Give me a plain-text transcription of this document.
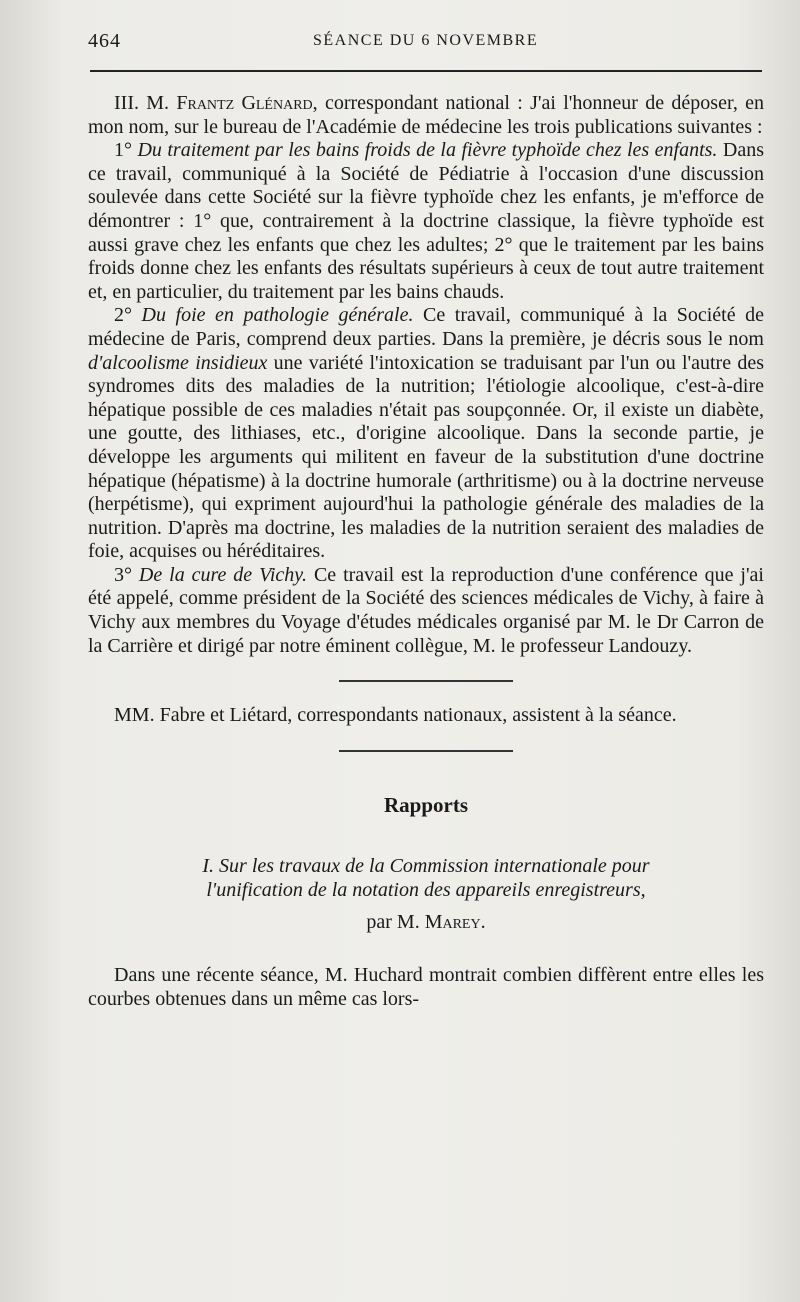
464	SÉANCE DU 6 NOVEMBRE

III. M. Frantz Glénard, correspondant national : J'ai l'honneur de déposer, en mon nom, sur le bureau de l'Académie de médecine les trois publications suivantes :

1° Du traitement par les bains froids de la fièvre typhoïde chez les enfants. Dans ce travail, communiqué à la Société de Pédiatrie à l'occasion d'une discussion soulevée dans cette Société sur la fièvre typhoïde chez les enfants, je m'efforce de démontrer : 1° que, contrairement à la doctrine classique, la fièvre typhoïde est aussi grave chez les enfants que chez les adultes; 2° que le traitement par les bains froids donne chez les enfants des résultats supérieurs à ceux de tout autre traitement et, en particulier, du traitement par les bains chauds.

2° Du foie en pathologie générale. Ce travail, communiqué à la Société de médecine de Paris, comprend deux parties. Dans la première, je décris sous le nom d'alcoolisme insidieux une variété l'intoxication se traduisant par l'un ou l'autre des syndromes dits des maladies de la nutrition; l'étiologie alcoolique, c'est-à-dire hépatique possible de ces maladies n'était pas soupçonnée. Or, il existe un diabète, une goutte, des lithiases, etc., d'origine alcoolique. Dans la seconde partie, je développe les arguments qui militent en faveur de la substitution d'une doctrine hépatique (hépatisme) à la doctrine humorale (arthritisme) ou à la doctrine nerveuse (herpétisme), qui expriment aujourd'hui la pathologie générale des maladies de la nutrition. D'après ma doctrine, les maladies de la nutrition seraient des maladies de foie, acquises ou héréditaires.

3° De la cure de Vichy. Ce travail est la reproduction d'une conférence que j'ai été appelé, comme président de la Société des sciences médicales de Vichy, à faire à Vichy aux membres du Voyage d'études médicales organisé par M. le Dr Carron de la Carrière et dirigé par notre éminent collègue, M. le professeur Landouzy.

MM. Fabre et Liétard, correspondants nationaux, assistent à la séance.

Rapports

I. Sur les travaux de la Commission internationale pour

l'unification de la notation des appareils enregistreurs,

par M. Marey.

Dans une récente séance, M. Huchard montrait combien diffèrent entre elles les courbes obtenues dans un même cas lors-
